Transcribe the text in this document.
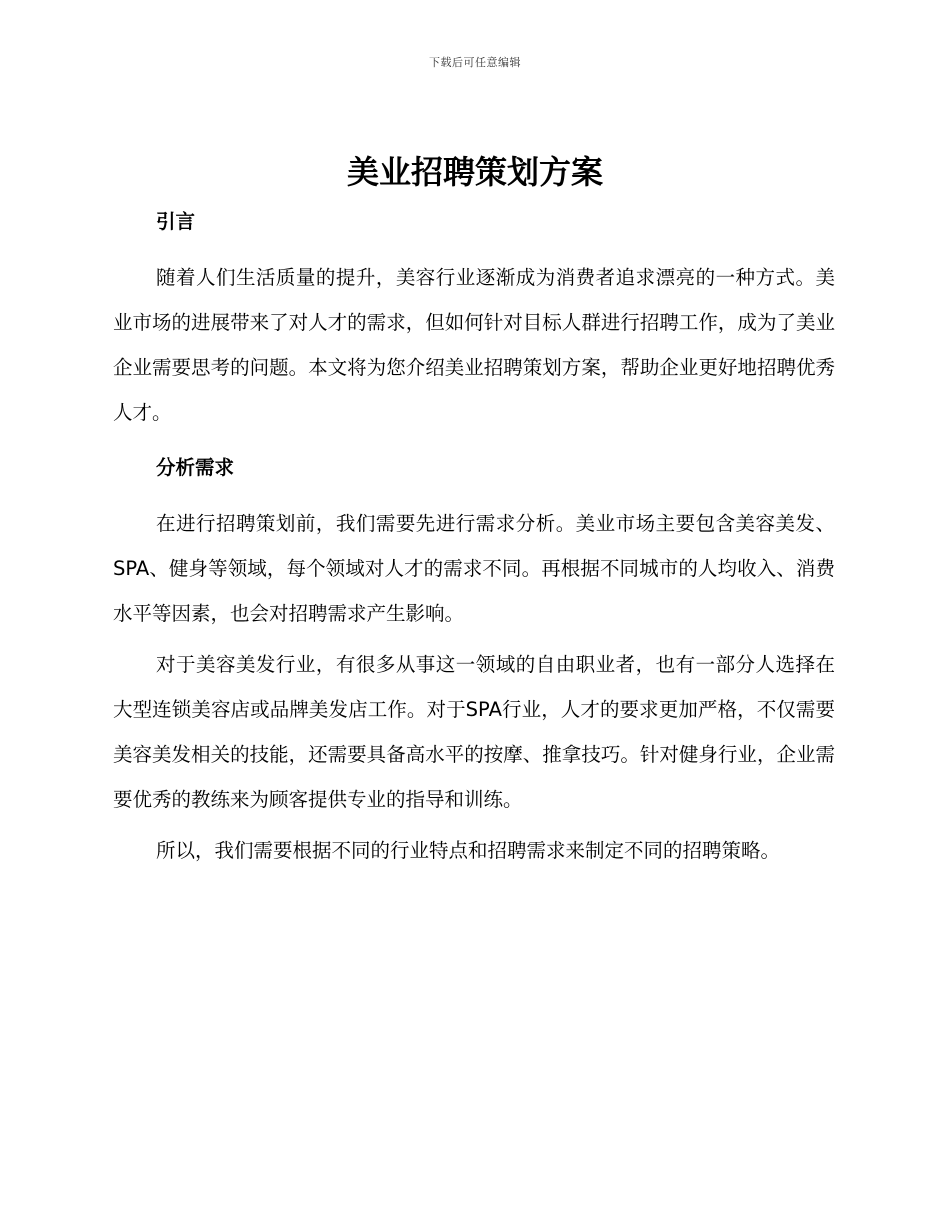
下载后可任意编辑
美业招聘策划方案
引言

随着人们生活质量的提升，美容行业逐渐成为消费者追求漂亮的一种方式。美业市场的进展带来了对人才的需求，但如何针对目标人群进行招聘工作，成为了美业企业需要思考的问题。本文将为您介绍美业招聘策划方案，帮助企业更好地招聘优秀人才。

分析需求

在进行招聘策划前，我们需要先进行需求分析。美业市场主要包含美容美发、SPA、健身等领域，每个领域对人才的需求不同。再根据不同城市的人均收入、消费水平等因素，也会对招聘需求产生影响。

对于美容美发行业，有很多从事这一领域的自由职业者，也有一部分人选择在大型连锁美容店或品牌美发店工作。对于SPA行业，人才的要求更加严格，不仅需要美容美发相关的技能，还需要具备高水平的按摩、推拿技巧。针对健身行业，企业需要优秀的教练来为顾客提供专业的指导和训练。

所以，我们需要根据不同的行业特点和招聘需求来制定不同的招聘策略。
